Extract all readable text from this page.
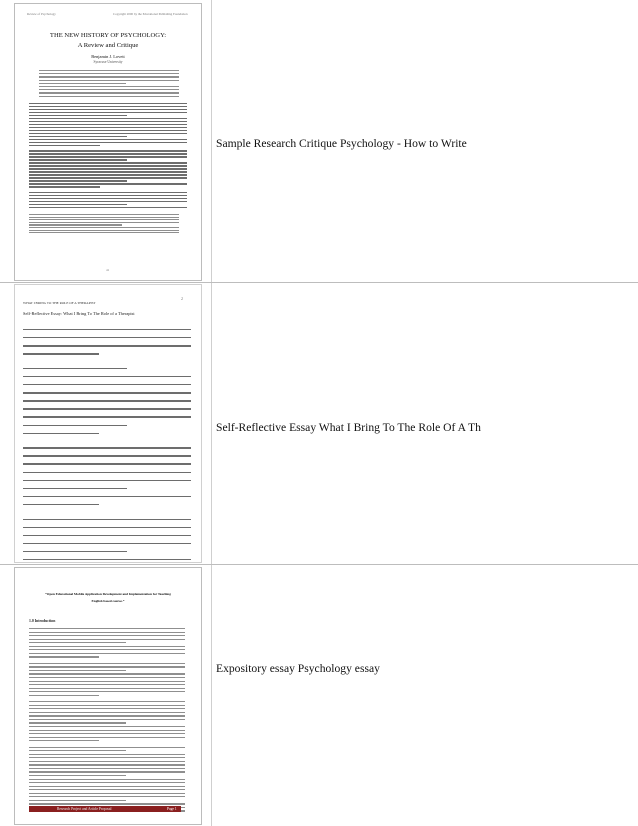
Review of Psychology	Copyright 2000 by the Educational Publishing Foundation
THE NEW HISTORY OF PSYCHOLOGY:
A Review and Critique
Benjamin J. Lovett
Syracuse University
41
Sample Research Critique Psychology - How to Write
2
WHAT I BRING TO THE ROLE OF A THERAPIST
Self-Reflective Essay: What I Bring To The Role of a Therapist
Self-Reflective Essay What I Bring To The Role Of A Th
“Open Educational Mobile Application Development and Implementation for Teaching
English based course.”
1.0 Introduction
Research Project and Article Proposal	Page 1
Expository essay Psychology essay
